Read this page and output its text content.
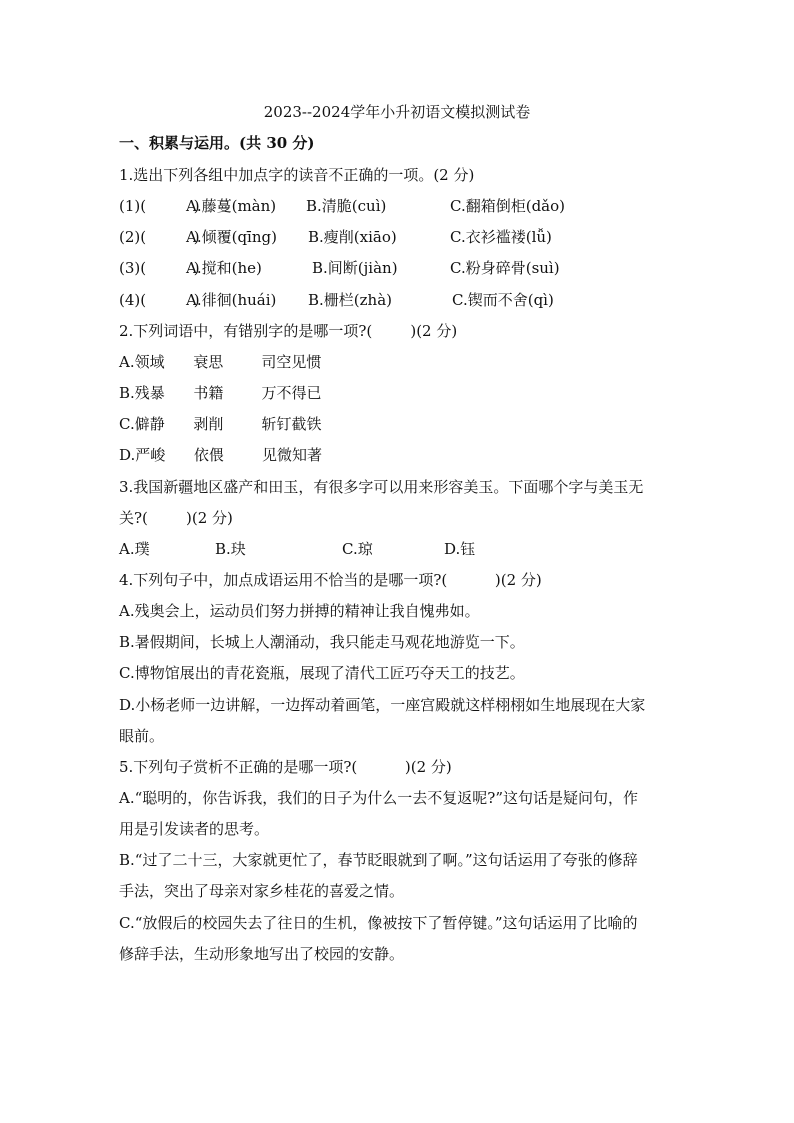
2023--2024学年小升初语文模拟测试卷
一、积累与运用。(共 30 分)
1.选出下列各组中加点字的读音不正确的一项。(2 分)
(1)(          )
A.藤蔓(màn) B.清脆(cuì)	C.翻箱倒柜(dǎo)
(2)(          )
A.倾覆(qīng) B.瘦削(xiāo)	C.衣衫褴褛(lǚ)
(3)(          )
A.搅和(he)	B.间断(jiàn)	C.粉身碎骨(suì)
(4)(          )
A.徘徊(huái) B.栅栏(zhà)	C.锲而不舍(qì)
2.下列词语中，有错别字的是哪一项?(        )(2 分)
A.领域      衰思        司空见惯
B.残暴      书籍        万不得已
C.僻静      剥削        斩钉截铁
D.严峻      依偎        见微知著
3.我国新疆地区盛产和田玉，有很多字可以用来形容美玉。下面哪个字与美玉无
关?(        )(2 分)
A.璞	B.玦	C.琼	D.钰
4.下列句子中，加点成语运用不恰当的是哪一项?(          )(2 分)
A.残奥会上，运动员们努力拼搏的精神让我自愧弗如。
B.暑假期间，长城上人潮涌动，我只能走马观花地游览一下。
C.博物馆展出的青花瓷瓶，展现了清代工匠巧夺天工的技艺。
D.小杨老师一边讲解，一边挥动着画笔，一座宫殿就这样栩栩如生地展现在大家
眼前。
5.下列句子赏析不正确的是哪一项?(          )(2 分)
A.“聪明的，你告诉我，我们的日子为什么一去不复返呢?”这句话是疑问句，作
用是引发读者的思考。
B.“过了二十三，大家就更忙了，春节眨眼就到了啊。”这句话运用了夸张的修辞
手法，突出了母亲对家乡桂花的喜爱之情。
C.“放假后的校园失去了往日的生机，像被按下了暂停键。”这句话运用了比喻的
修辞手法，生动形象地写出了校园的安静。
